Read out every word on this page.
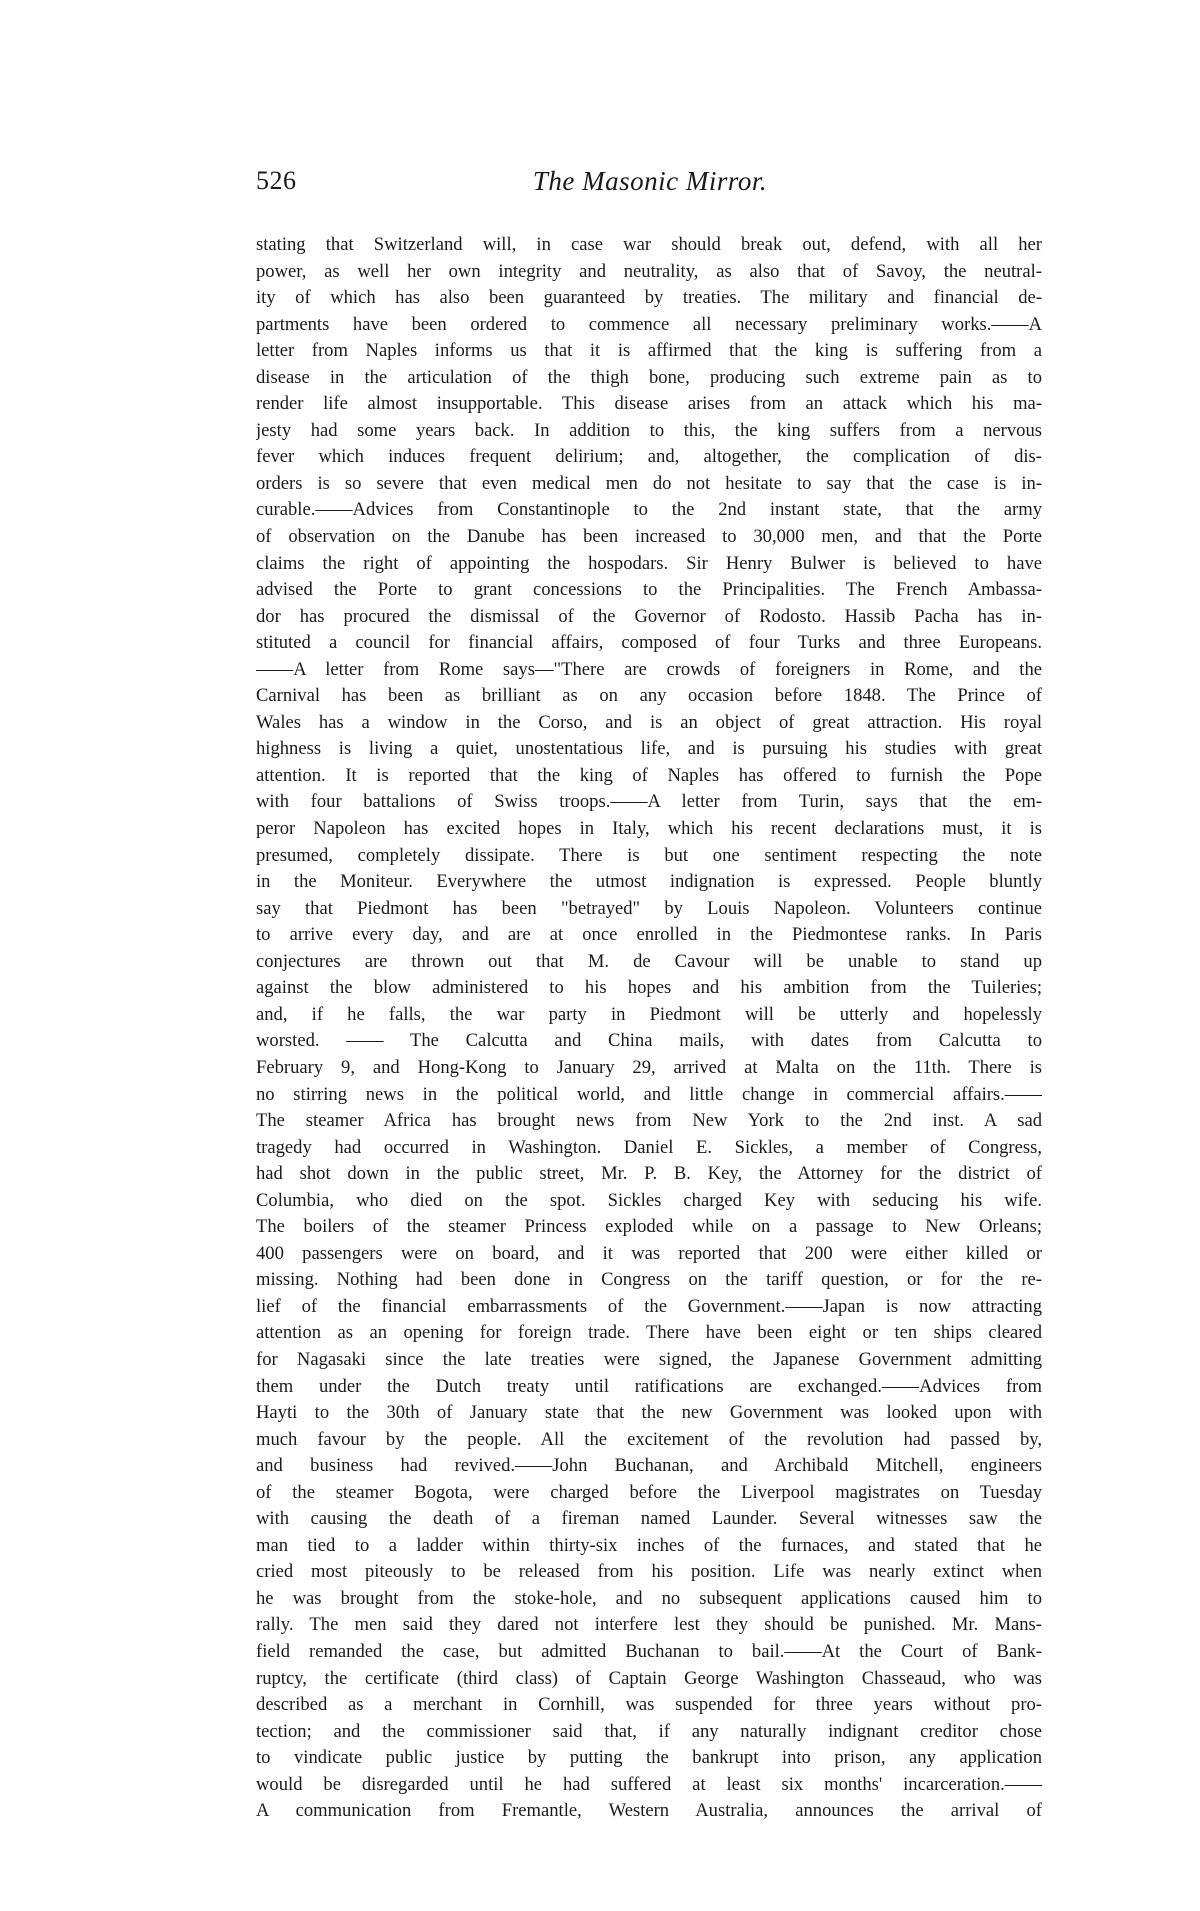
526	The Masonic Mirror.
stating that Switzerland will, in case war should break out, defend, with all her
power, as well her own integrity and neutrality, as also that of Savoy, the neutral-
ity of which has also been guaranteed by treaties. The military and financial de-
partments have been ordered to commence all necessary preliminary works.——A
letter from Naples informs us that it is affirmed that the king is suffering from a
disease in the articulation of the thigh bone, producing such extreme pain as to
render life almost insupportable. This disease arises from an attack which his ma-
jesty had some years back. In addition to this, the king suffers from a nervous
fever which induces frequent delirium; and, altogether, the complication of dis-
orders is so severe that even medical men do not hesitate to say that the case is in-
curable.——Advices from Constantinople to the 2nd instant state, that the army
of observation on the Danube has been increased to 30,000 men, and that the Porte
claims the right of appointing the hospodars. Sir Henry Bulwer is believed to have
advised the Porte to grant concessions to the Principalities. The French Ambassa-
dor has procured the dismissal of the Governor of Rodosto. Hassib Pacha has in-
stituted a council for financial affairs, composed of four Turks and three Europeans.
——A letter from Rome says—"There are crowds of foreigners in Rome, and the
Carnival has been as brilliant as on any occasion before 1848. The Prince of
Wales has a window in the Corso, and is an object of great attraction. His royal
highness is living a quiet, unostentatious life, and is pursuing his studies with great
attention. It is reported that the king of Naples has offered to furnish the Pope
with four battalions of Swiss troops.——A letter from Turin, says that the em-
peror Napoleon has excited hopes in Italy, which his recent declarations must, it is
presumed, completely dissipate. There is but one sentiment respecting the note
in the Moniteur. Everywhere the utmost indignation is expressed. People bluntly
say that Piedmont has been "betrayed" by Louis Napoleon. Volunteers continue
to arrive every day, and are at once enrolled in the Piedmontese ranks. In Paris
conjectures are thrown out that M. de Cavour will be unable to stand up
against the blow administered to his hopes and his ambition from the Tuileries;
and, if he falls, the war party in Piedmont will be utterly and hopelessly
worsted. —— The Calcutta and China mails, with dates from Calcutta to
February 9, and Hong-Kong to January 29, arrived at Malta on the 11th. There is
no stirring news in the political world, and little change in commercial affairs.——
The steamer Africa has brought news from New York to the 2nd inst. A sad
tragedy had occurred in Washington. Daniel E. Sickles, a member of Congress,
had shot down in the public street, Mr. P. B. Key, the Attorney for the district of
Columbia, who died on the spot. Sickles charged Key with seducing his wife.
The boilers of the steamer Princess exploded while on a passage to New Orleans;
400 passengers were on board, and it was reported that 200 were either killed or
missing. Nothing had been done in Congress on the tariff question, or for the re-
lief of the financial embarrassments of the Government.——Japan is now attracting
attention as an opening for foreign trade. There have been eight or ten ships cleared
for Nagasaki since the late treaties were signed, the Japanese Government admitting
them under the Dutch treaty until ratifications are exchanged.——Advices from
Hayti to the 30th of January state that the new Government was looked upon with
much favour by the people. All the excitement of the revolution had passed by,
and business had revived.——John Buchanan, and Archibald Mitchell, engineers
of the steamer Bogota, were charged before the Liverpool magistrates on Tuesday
with causing the death of a fireman named Launder. Several witnesses saw the
man tied to a ladder within thirty-six inches of the furnaces, and stated that he
cried most piteously to be released from his position. Life was nearly extinct when
he was brought from the stoke-hole, and no subsequent applications caused him to
rally. The men said they dared not interfere lest they should be punished. Mr. Mans-
field remanded the case, but admitted Buchanan to bail.——At the Court of Bank-
ruptcy, the certificate (third class) of Captain George Washington Chasseaud, who was
described as a merchant in Cornhill, was suspended for three years without pro-
tection; and the commissioner said that, if any naturally indignant creditor chose
to vindicate public justice by putting the bankrupt into prison, any application
would be disregarded until he had suffered at least six months' incarceration.——
A communication from Fremantle, Western Australia, announces the arrival of
